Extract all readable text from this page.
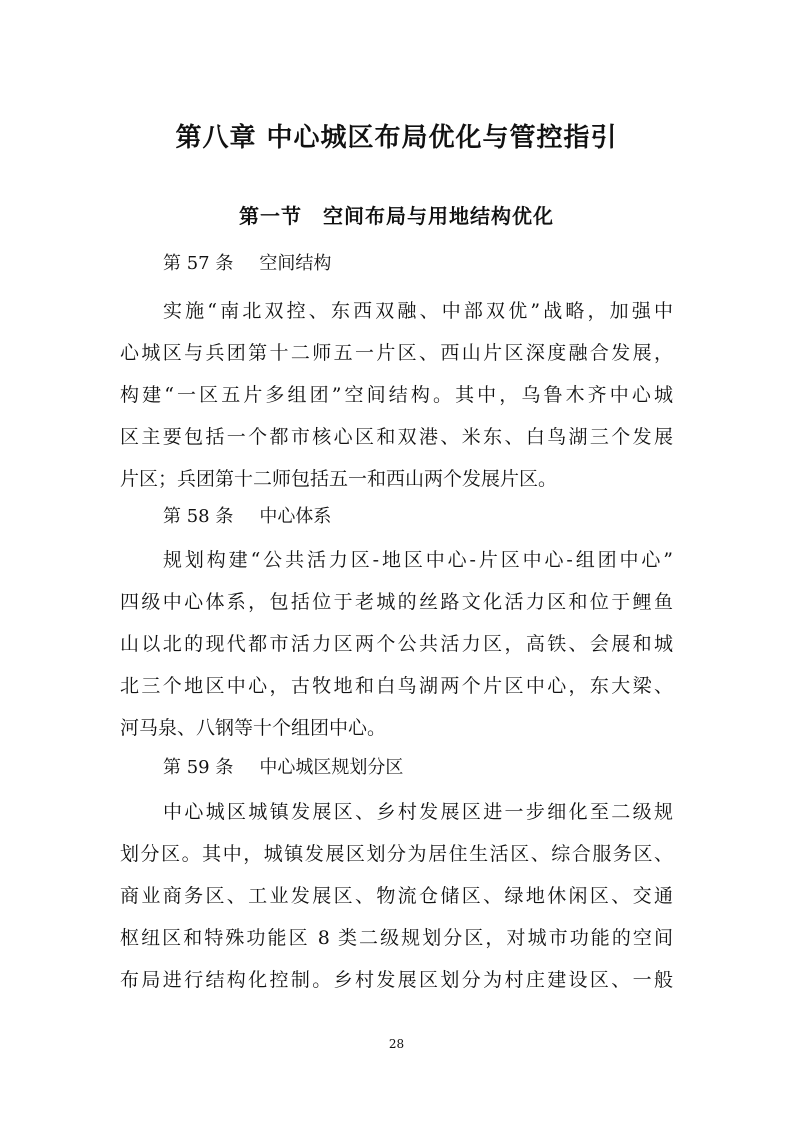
第八章 中心城区布局优化与管控指引
第一节　空间布局与用地结构优化
第 57 条 空间结构
实施“南北双控、东西双融、中部双优”战略，加强中
心城区与兵团第十二师五一片区、西山片区深度融合发展，
构建“一区五片多组团”空间结构。其中，乌鲁木齐中心城
区主要包括一个都市核心区和双港、米东、白鸟湖三个发展
片区；兵团第十二师包括五一和西山两个发展片区。
第 58 条 中心体系
规划构建“公共活力区-地区中心-片区中心-组团中心”
四级中心体系，包括位于老城的丝路文化活力区和位于鲤鱼
山以北的现代都市活力区两个公共活力区，高铁、会展和城
北三个地区中心，古牧地和白鸟湖两个片区中心，东大梁、
河马泉、八钢等十个组团中心。
第 59 条 中心城区规划分区
中心城区城镇发展区、乡村发展区进一步细化至二级规
划分区。其中，城镇发展区划分为居住生活区、综合服务区、
商业商务区、工业发展区、物流仓储区、绿地休闲区、交通
枢纽区和特殊功能区 8 类二级规划分区，对城市功能的空间
布局进行结构化控制。乡村发展区划分为村庄建设区、一般
28
